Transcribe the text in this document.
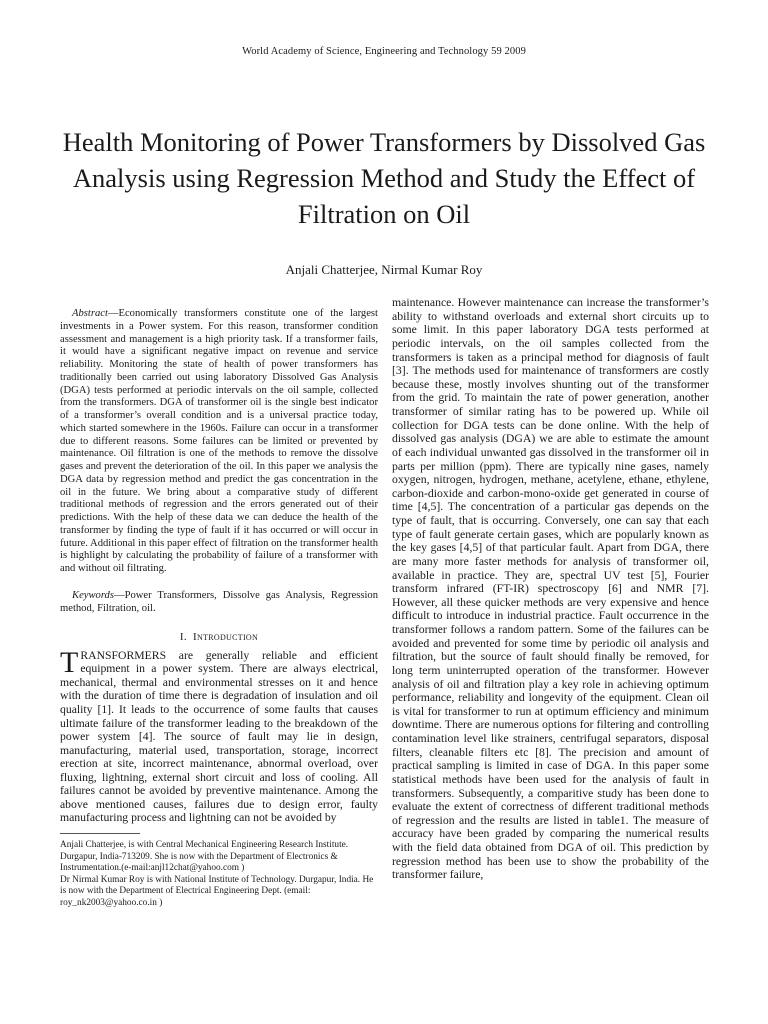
World Academy of Science, Engineering and Technology 59 2009
Health Monitoring of Power Transformers by Dissolved Gas Analysis using Regression Method and Study the Effect of Filtration on Oil
Anjali Chatterjee, Nirmal Kumar Roy

Abstract—Economically transformers constitute one of the largest investments in a Power system. For this reason, transformer condition assessment and management is a high priority task. If a transformer fails, it would have a significant negative impact on revenue and service reliability. Monitoring the state of health of power transformers has traditionally been carried out using laboratory Dissolved Gas Analysis (DGA) tests performed at periodic intervals on the oil sample, collected from the transformers. DGA of transformer oil is the single best indicator of a transformer’s overall condition and is a universal practice today, which started somewhere in the 1960s. Failure can occur in a transformer due to different reasons. Some failures can be limited or prevented by maintenance. Oil filtration is one of the methods to remove the dissolve gases and prevent the deterioration of the oil. In this paper we analysis the DGA data by regression method and predict the gas concentration in the oil in the future. We bring about a comparative study of different traditional methods of regression and the errors generated out of their predictions. With the help of these data we can deduce the health of the transformer by finding the type of fault if it has occurred or will occur in future. Additional in this paper effect of filtration on the transformer health is highlight by calculating the probability of failure of a transformer with and without oil filtrating.

Keywords—Power Transformers, Dissolve gas Analysis, Regression method, Filtration, oil.

I. Introduction

TRANSFORMERS are generally reliable and efficient equipment in a power system. There are always electrical, mechanical, thermal and environmental stresses on it and hence with the duration of time there is degradation of insulation and oil quality [1]. It leads to the occurrence of some faults that causes ultimate failure of the transformer leading to the breakdown of the power system [4]. The source of fault may lie in design, manufacturing, material used, transportation, storage, incorrect erection at site, incorrect maintenance, abnormal overload, over fluxing, lightning, external short circuit and loss of cooling. All failures cannot be avoided by preventive maintenance. Among the above mentioned causes, failures due to design error, faulty manufacturing process and lightning can not be avoided by

Anjali Chatterjee, is with Central Mechanical Engineering Research Institute. Durgapur, India-713209. She is now with the Department of Electronics & Instrumentation.(e-mail:anjl12chat@yahoo.com )

Dr Nirmal Kumar Roy is with National Institute of Technology. Durgapur, India. He is now with the Department of Electrical Engineering Dept. (email: roy_nk2003@yahoo.co.in )

maintenance. However maintenance can increase the transformer’s ability to withstand overloads and external short circuits up to some limit. In this paper laboratory DGA tests performed at periodic intervals, on the oil samples collected from the transformers is taken as a principal method for diagnosis of fault [3]. The methods used for maintenance of transformers are costly because these, mostly involves shunting out of the transformer from the grid. To maintain the rate of power generation, another transformer of similar rating has to be powered up. While oil collection for DGA tests can be done online. With the help of dissolved gas analysis (DGA) we are able to estimate the amount of each individual unwanted gas dissolved in the transformer oil in parts per million (ppm). There are typically nine gases, namely oxygen, nitrogen, hydrogen, methane, acetylene, ethane, ethylene, carbon-dioxide and carbon-mono-oxide get generated in course of time [4,5]. The concentration of a particular gas depends on the type of fault, that is occurring. Conversely, one can say that each type of fault generate certain gases, which are popularly known as the key gases [4,5] of that particular fault. Apart from DGA, there are many more faster methods for analysis of transformer oil, available in practice. They are, spectral UV test [5], Fourier transform infrared (FT-IR) spectroscopy [6] and NMR [7]. However, all these quicker methods are very expensive and hence difficult to introduce in industrial practice. Fault occurrence in the transformer follows a random pattern. Some of the failures can be avoided and prevented for some time by periodic oil analysis and filtration, but the source of fault should finally be removed, for long term uninterrupted operation of the transformer. However analysis of oil and filtration play a key role in achieving optimum performance, reliability and longevity of the equipment. Clean oil is vital for transformer to run at optimum efficiency and minimum downtime. There are numerous options for filtering and controlling contamination level like strainers, centrifugal separators, disposal filters, cleanable filters etc [8]. The precision and amount of practical sampling is limited in case of DGA. In this paper some statistical methods have been used for the analysis of fault in transformers. Subsequently, a comparitive study has been done to evaluate the extent of correctness of different traditional methods of regression and the results are listed in table1. The measure of accuracy have been graded by comparing the numerical results with the field data obtained from DGA of oil. This prediction by regression method has been use to show the probability of the transformer failure,
